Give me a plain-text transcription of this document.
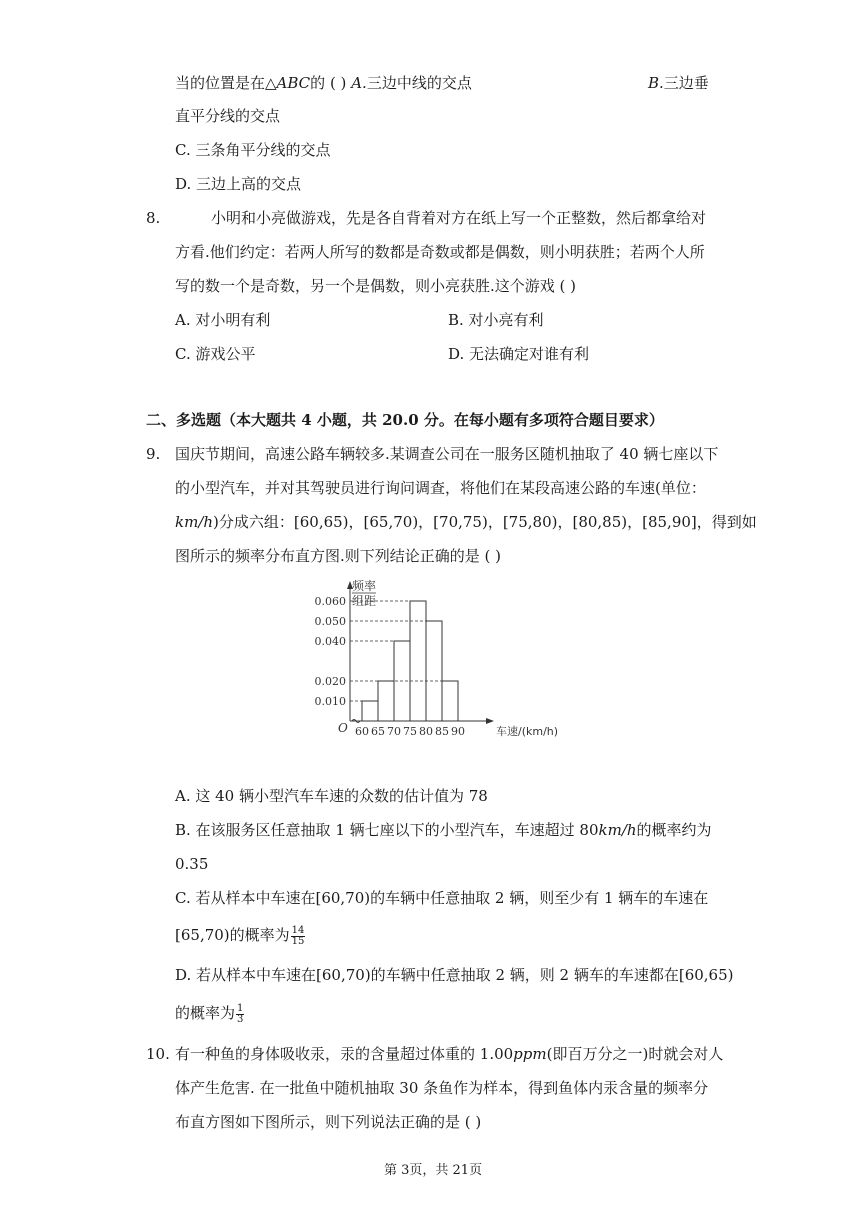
当的位置是在△ABC的 ( ) A.三边中线的交点	B.三边垂
直平分线的交点
C. 三条角平分线的交点
D. 三边上高的交点
8.	小明和小亮做游戏，先是各自背着对方在纸上写一个正整数，然后都拿给对
方看.他们约定：若两人所写的数都是奇数或都是偶数，则小明获胜；若两个人所
写的数一个是奇数，另一个是偶数，则小亮获胜.这个游戏 ( )
A. 对小明有利	B. 对小亮有利
C. 游戏公平	D. 无法确定对谁有利
二、多选题（本大题共 4 小题，共 20.0 分。在每小题有多项符合题目要求）
9. 国庆节期间，高速公路车辆较多.某调查公司在一服务区随机抽取了 40 辆七座以下
的小型汽车，并对其驾驶员进行询问调查，将他们在某段高速公路的车速(单位：
km/h)分成六组：[60,65)，[65,70)，[70,75)，[75,80)，[80,85)，[85,90]，得到如
图所示的频率分布直方图.则下列结论正确的是 ( )
频率
组距
O
0.010
0.020
0.040
0.050
0.060
60 65 70 75 80 85 90	车速/(km/h)
A. 这 40 辆小型汽车车速的众数的估计值为 78
B. 在该服务区任意抽取 1 辆七座以下的小型汽车，车速超过 80km/h的概率约为
0.35
C. 若从样本中车速在[60,70)的车辆中任意抽取 2 辆，则至少有 1 辆车的车速在
[65,70)的概率为 $\frac{14}{15}$
D. 若从样本中车速在[60,70)的车辆中任意抽取 2 辆，则 2 辆车的车速都在[60,65)
的概率为 $\frac{1}{3}$
10. 有一种鱼的身体吸收汞，汞的含量超过体重的 1.00ppm(即百万分之一)时就会对人
体产生危害. 在一批鱼中随机抽取 30 条鱼作为样本，得到鱼体内汞含量的频率分
布直方图如下图所示，则下列说法正确的是 ( )
第 3页，共 21页
